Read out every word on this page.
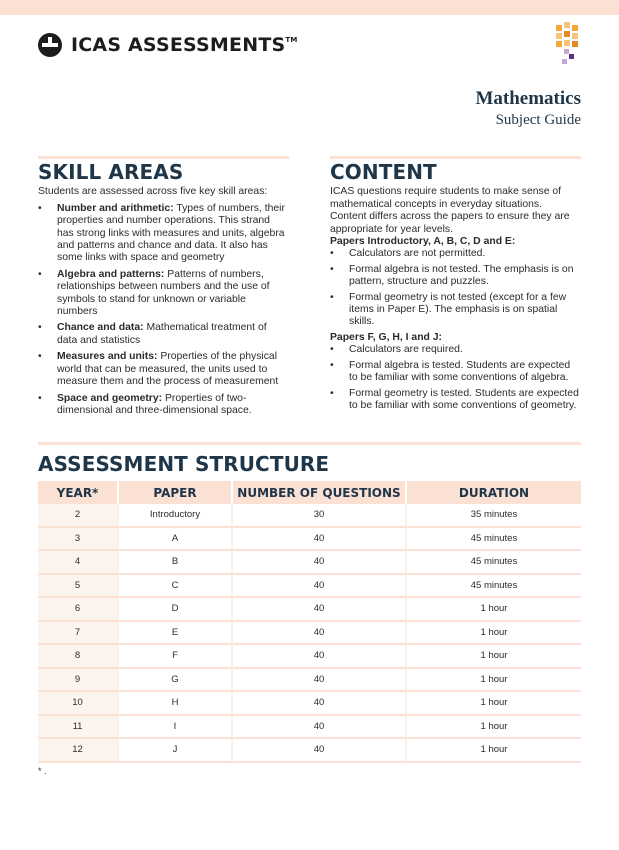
ICAS ASSESSMENTS™
Mathematics
Subject Guide
SKILL AREAS

Students are assessed across five key skill areas:

• Number and arithmetic: Types of numbers, their properties and number operations. This strand has strong links with measures and units, algebra and patterns and chance and data. It also has some links with space and geometry
• Algebra and patterns: Patterns of numbers, relationships between numbers and the use of symbols to stand for unknown or variable numbers
• Chance and data: Mathematical treatment of data and statistics
• Measures and units: Properties of the physical world that can be measured, the units used to measure them and the process of measurement
• Space and geometry: Properties of two-dimensional and three-dimensional space.
CONTENT

ICAS questions require students to make sense of mathematical concepts in everyday situations. Content differs across the papers to ensure they are appropriate for year levels.

Papers Introductory, A, B, C, D and E:

• Calculators are not permitted.
• Formal algebra is not tested. The emphasis is on pattern, structure and puzzles.
• Formal geometry is not tested (except for a few items in Paper E). The emphasis is on spatial skills.

Papers F, G, H, I and J:

• Calculators are required.
• Formal algebra is tested. Students are expected to be familiar with some conventions of algebra.
• Formal geometry is tested. Students are expected to be familiar with some conventions of geometry.
ASSESSMENT STRUCTURE
YEAR*	PAPER	NUMBER OF QUESTIONS	DURATION
2	Introductory	30	35 minutes
3	A	40	45 minutes
4	B	40	45 minutes
5	C	40	45 minutes
6	D	40	1 hour
7	E	40	1 hour
8	F	40	1 hour
9	G	40	1 hour
10	H	40	1 hour
11	I	40	1 hour
12	J	40	1 hour
* .
